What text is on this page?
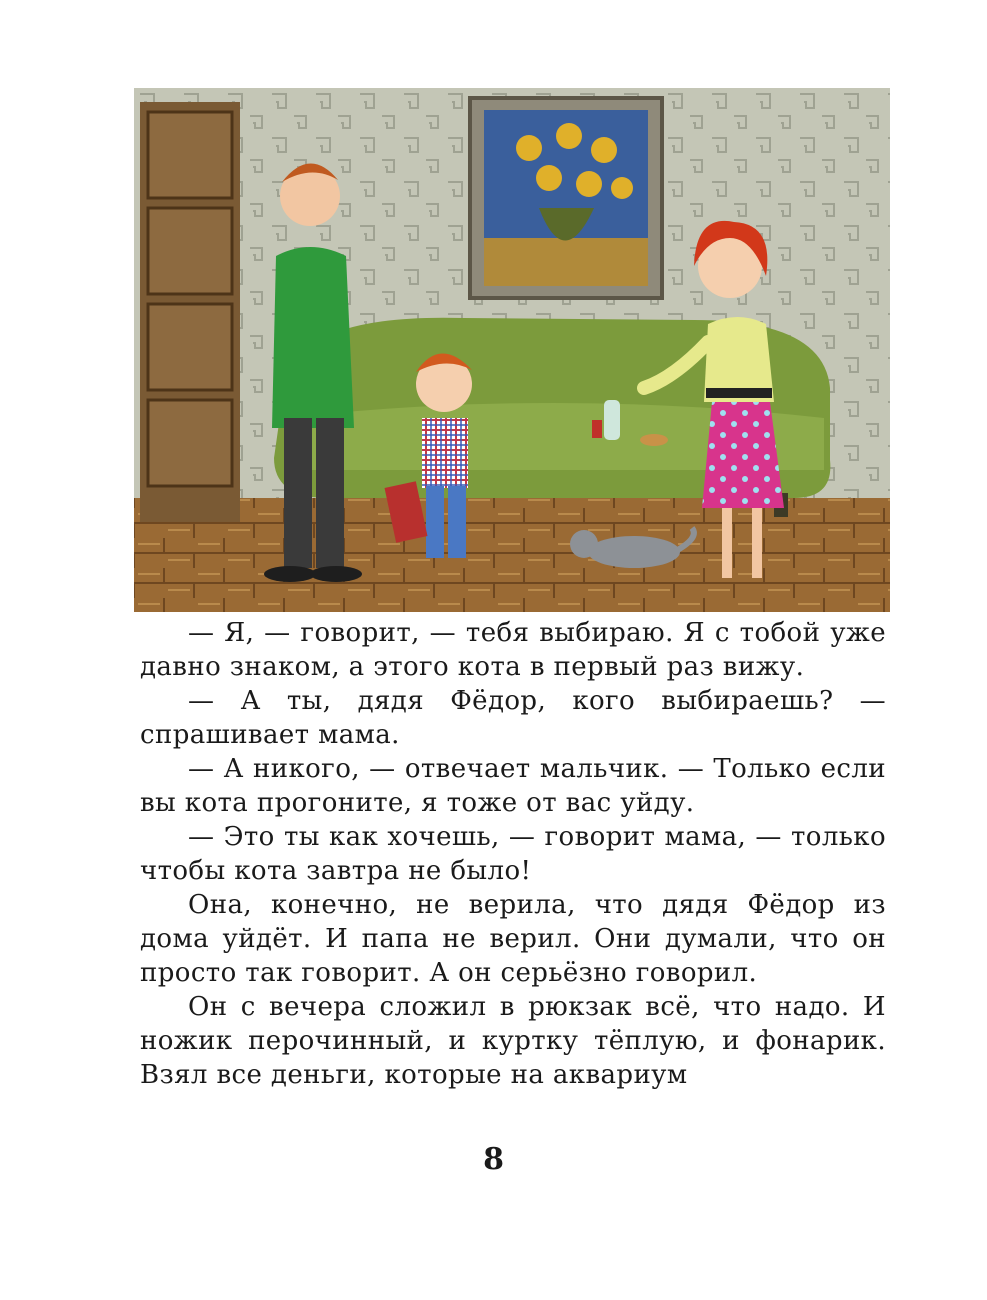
— Я, — говорит, — тебя выбираю. Я с тобой уже давно знаком, а этого кота в первый раз вижу.

— А ты, дядя Фёдор, кого выбираешь? — спрашивает мама.

— А никого, — отвечает мальчик. — Только если вы кота прогоните, я тоже от вас уйду.

— Это ты как хочешь, — говорит мама, — только чтобы кота завтра не было!

Она, конечно, не верила, что дядя Фёдор из дома уйдёт. И папа не верил. Они думали, что он просто так говорит. А он серьёзно говорил.

Он с вечера сложил в рюкзак всё, что надо. И ножик перочинный, и куртку тёплую, и фонарик. Взял все деньги, которые на аквариум

8
